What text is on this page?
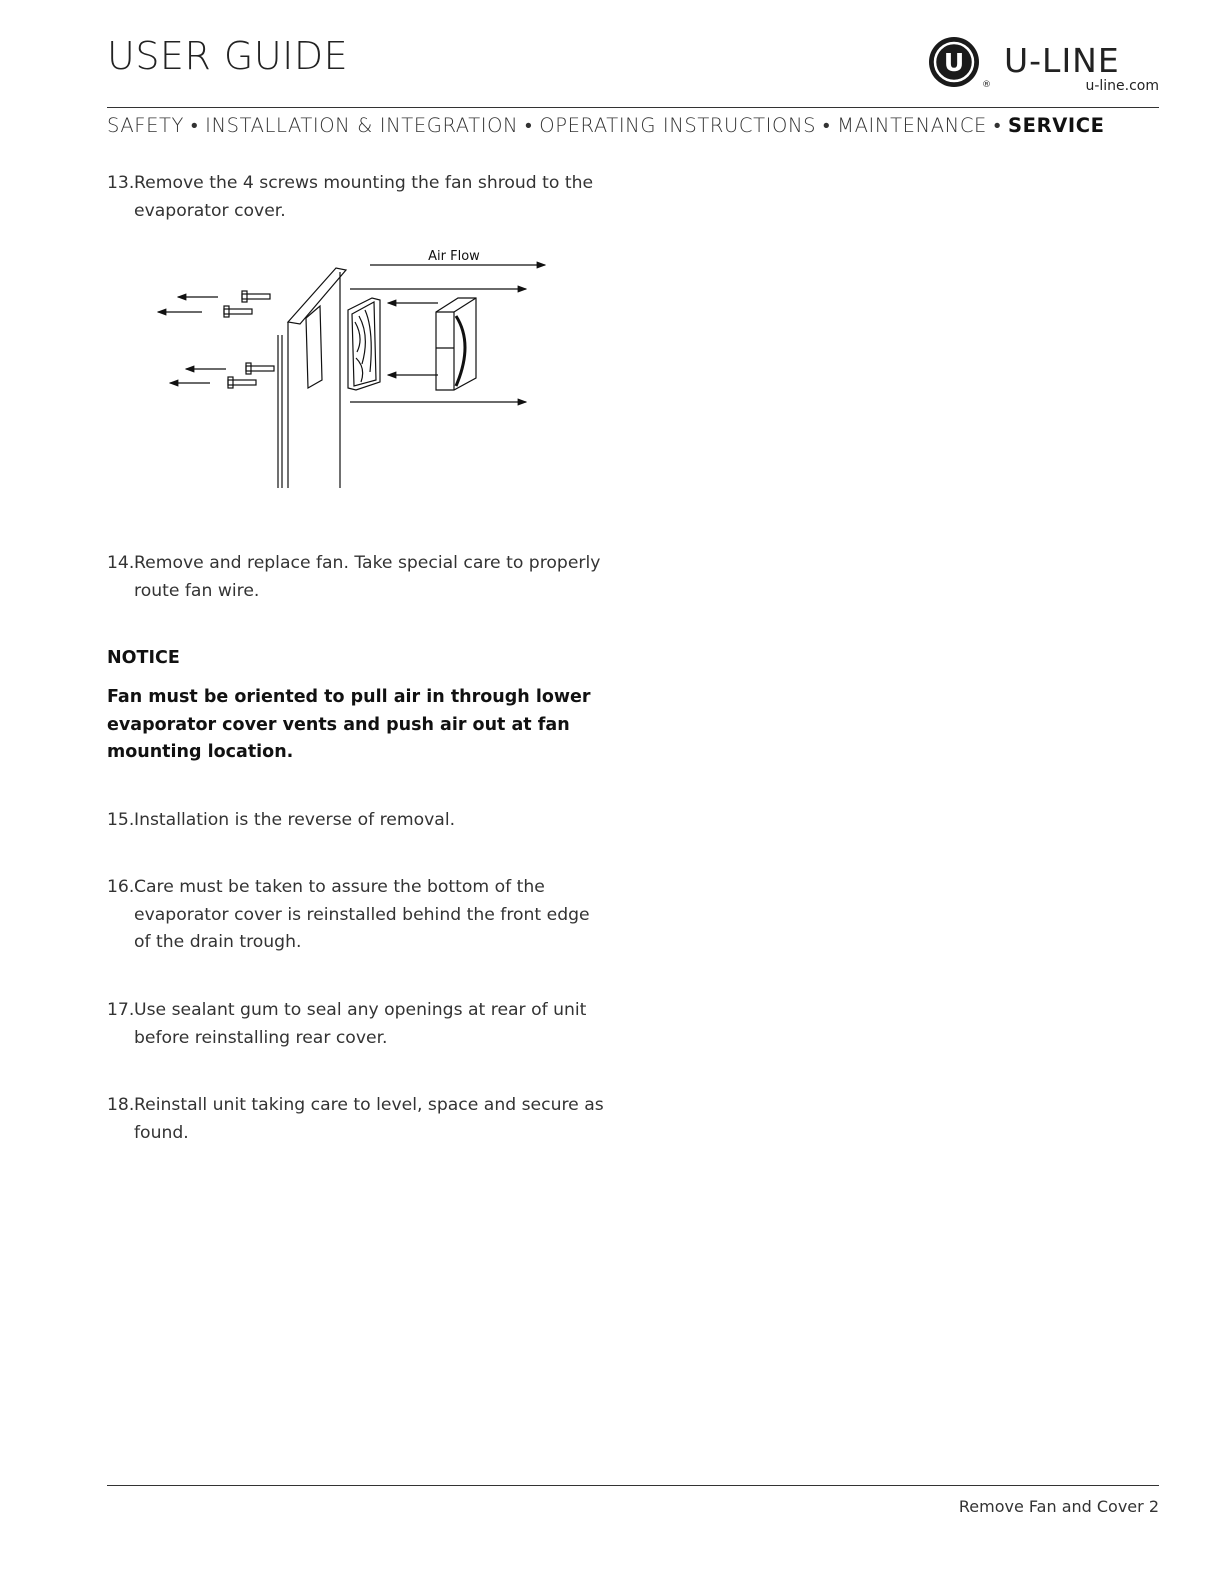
USER GUIDE	U
®
U-LINE
u-line.com
SAFETY • INSTALLATION & INTEGRATION • OPERATING INSTRUCTIONS • MAINTENANCE • SERVICE
13. Remove the 4 screws mounting the fan shroud to the evaporator cover.
Air Flow
14. Remove and replace fan. Take special care to properly route fan wire.
NOTICE
Fan must be oriented to pull air in through lower evaporator cover vents and push air out at fan mounting location.
15. Installation is the reverse of removal.
16. Care must be taken to assure the bottom of the evaporator cover is reinstalled behind the front edge of the drain trough.
17. Use sealant gum to seal any openings at rear of unit before reinstalling rear cover.
18. Reinstall unit taking care to level, space and secure as found.
Remove Fan and Cover 2
